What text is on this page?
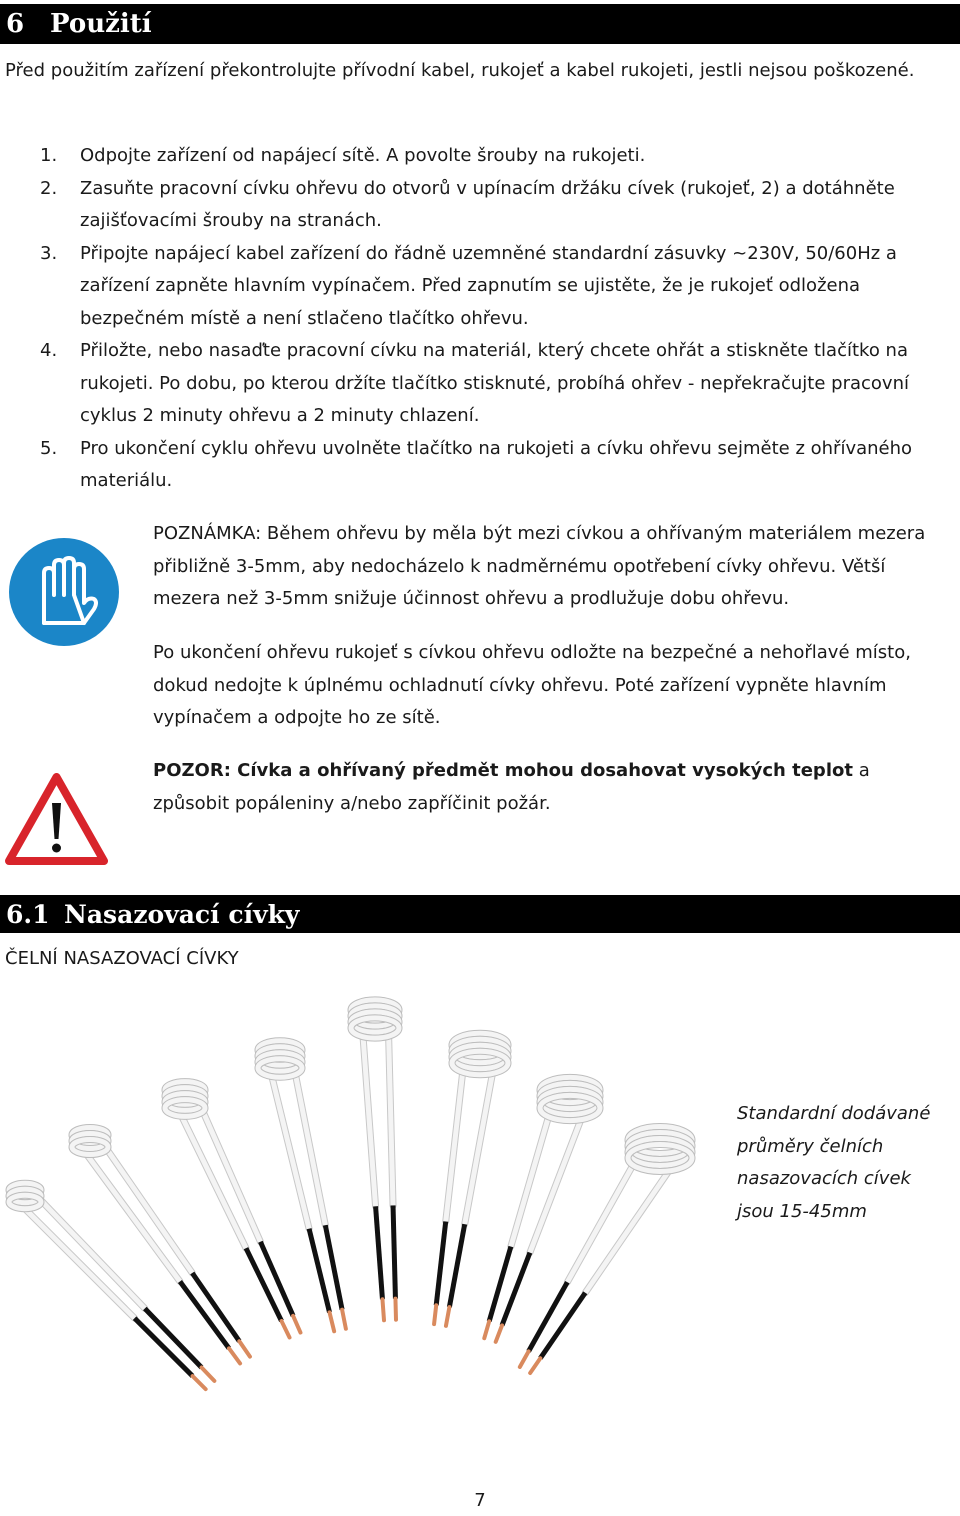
6 Použití
Před použitím zařízení překontrolujte přívodní kabel, rukojeť a kabel rukojeti, jestli nejsou poškozené.
1. Odpojte zařízení od napájecí sítě. A povolte šrouby na rukojeti.
2. Zasuňte pracovní cívku ohřevu do otvorů v upínacím držáku cívek (rukojeť, 2) a dotáhněte zajišťovacími šrouby na stranách.
3. Připojte napájecí kabel zařízení do řádně uzemněné standardní zásuvky ~230V, 50/60Hz a zařízení zapněte hlavním vypínačem. Před zapnutím se ujistěte, že je rukojeť odložena bezpečném místě a není stlačeno tlačítko ohřevu.
4. Přiložte, nebo nasaďte pracovní cívku na materiál, který chcete ohřát a stiskněte tlačítko na rukojeti. Po dobu, po kterou držíte tlačítko stisknuté, probíhá ohřev - nepřekračujte pracovní cyklus 2 minuty ohřevu a 2 minuty chlazení.
5. Pro ukončení cyklu ohřevu uvolněte tlačítko na rukojeti a cívku ohřevu sejměte z ohřívaného materiálu.
POZNÁMKA: Během ohřevu by měla být mezi cívkou a ohřívaným materiálem mezera přibližně 3-5mm, aby nedocházelo k nadměrnému opotřebení cívky ohřevu. Větší mezera než 3-5mm snižuje účinnost ohřevu a prodlužuje dobu ohřevu.
Po ukončení ohřevu rukojeť s cívkou ohřevu odložte na bezpečné a nehořlavé místo, dokud nedojte k úplnému ochladnutí cívky ohřevu. Poté zařízení vypněte hlavním vypínačem a odpojte ho ze sítě.
POZOR: Cívka a ohřívaný předmět mohou dosahovat vysokých teplot a způsobit popáleniny a/nebo zapříčinit požár.
6.1 Nasazovací cívky
ČELNÍ NASAZOVACÍ CÍVKY
Standardní dodávané průměry čelních nasazovacích cívek jsou 15-45mm
7
